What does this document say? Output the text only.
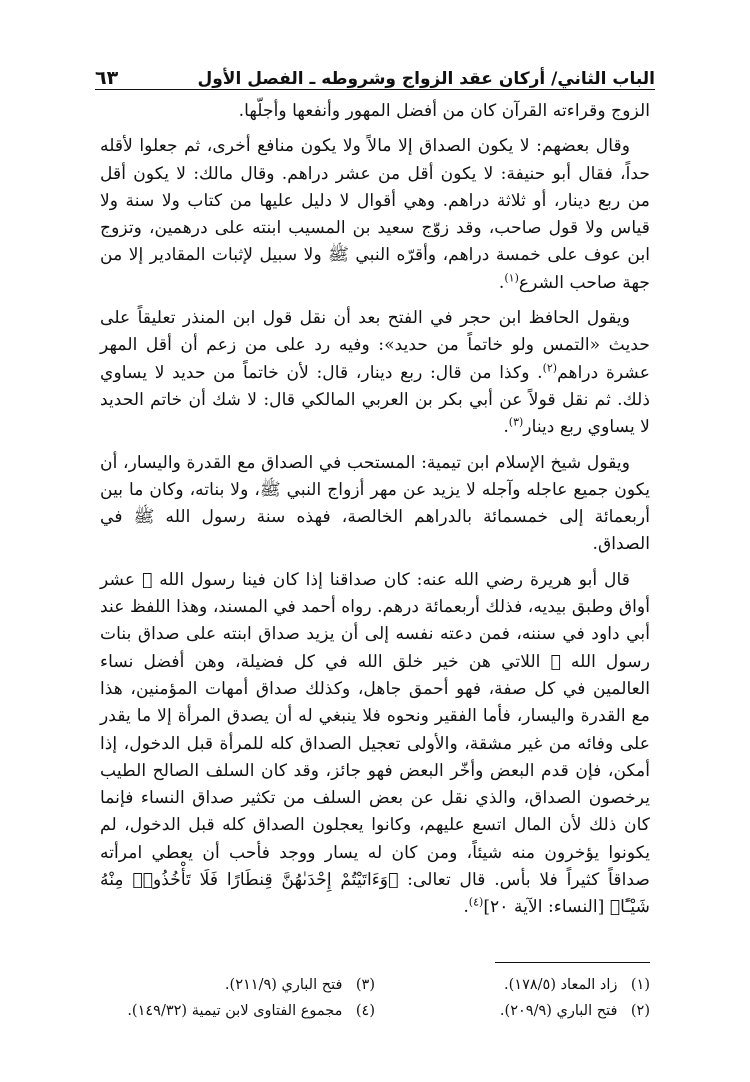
الباب الثاني/ أركان عقد الزواج وشروطه ـ الفصل الأول
٦٣

الزوج وقراءته القرآن كان من أفضل المهور وأنفعها وأجلّها.

وقال بعضهم: لا يكون الصداق إلا مالاً ولا يكون منافع أخرى، ثم جعلوا لأقله حداً، فقال أبو حنيفة: لا يكون أقل من عشر دراهم. وقال مالك: لا يكون أقل من ربع دينار، أو ثلاثة دراهم. وهي أقوال لا دليل عليها من كتاب ولا سنة ولا قياس ولا قول صاحب، وقد زوّج سعيد بن المسيب ابنته على درهمين، وتزوج ابن عوف على خمسة دراهم، وأقرّه النبي ﷺ ولا سبيل لإثبات المقادير إلا من جهة صاحب الشرع$^{(١)}$.

ويقول الحافظ ابن حجر في الفتح بعد أن نقل قول ابن المنذر تعليقاً على حديث «التمس ولو خاتماً من حديد»: وفيه رد على من زعم أن أقل المهر عشرة دراهم$^{(٢)}$. وكذا من قال: ربع دينار، قال: لأن خاتماً من حديد لا يساوي ذلك. ثم نقل قولاً عن أبي بكر بن العربي المالكي قال: لا شك أن خاتم الحديد لا يساوي ربع دينار$^{(٣)}$.

ويقول شيخ الإسلام ابن تيمية: المستحب في الصداق مع القدرة واليسار، أن يكون جميع عاجله وآجله لا يزيد عن مهر أزواج النبي ﷺ، ولا بناته، وكان ما بين أربعمائة إلى خمسمائة بالدراهم الخالصة، فهذه سنة رسول الله ﷺ في الصداق.

قال أبو هريرة رضي الله عنه: كان صداقنا إذا كان فينا رسول الله ﷺ عشر أواق وطبق بيديه، فذلك أربعمائة درهم. رواه أحمد في المسند، وهذا اللفظ عند أبي داود في سننه، فمن دعته نفسه إلى أن يزيد صداق ابنته على صداق بنات رسول الله ﷺ اللاتي هن خير خلق الله في كل فضيلة، وهن أفضل نساء العالمين في كل صفة، فهو أحمق جاهل، وكذلك صداق أمهات المؤمنين، هذا مع القدرة واليسار، فأما الفقير ونحوه فلا ينبغي له أن يصدق المرأة إلا ما يقدر على وفائه من غير مشقة، والأولى تعجيل الصداق كله للمرأة قبل الدخول، إذا أمكن، فإن قدم البعض وأخّر البعض فهو جائز، وقد كان السلف الصالح الطيب يرخصون الصداق، والذي نقل عن بعض السلف من تكثير صداق النساء فإنما كان ذلك لأن المال اتسع عليهم، وكانوا يعجلون الصداق كله قبل الدخول، لم يكونوا يؤخرون منه شيئاً، ومن كان له يسار ووجد فأحب أن يعطي امرأته صداقاً كثيراً فلا بأس. قال تعالى: ﴿وَءَاتَيْتُمْ إِحْدَىٰهُنَّ قِنطَارًا فَلَا تَأْخُذُوا۟ مِنْهُ شَيْـًٔا﴾ [النساء: الآية ٢٠]$^{(٤)}$.

(١) زاد المعاد (١٧٨/٥).
(٣) فتح الباري (٢١١/٩).
(٢) فتح الباري (٢٠٩/٩).
(٤) مجموع الفتاوى لابن تيمية (١٤٩/٣٢).
